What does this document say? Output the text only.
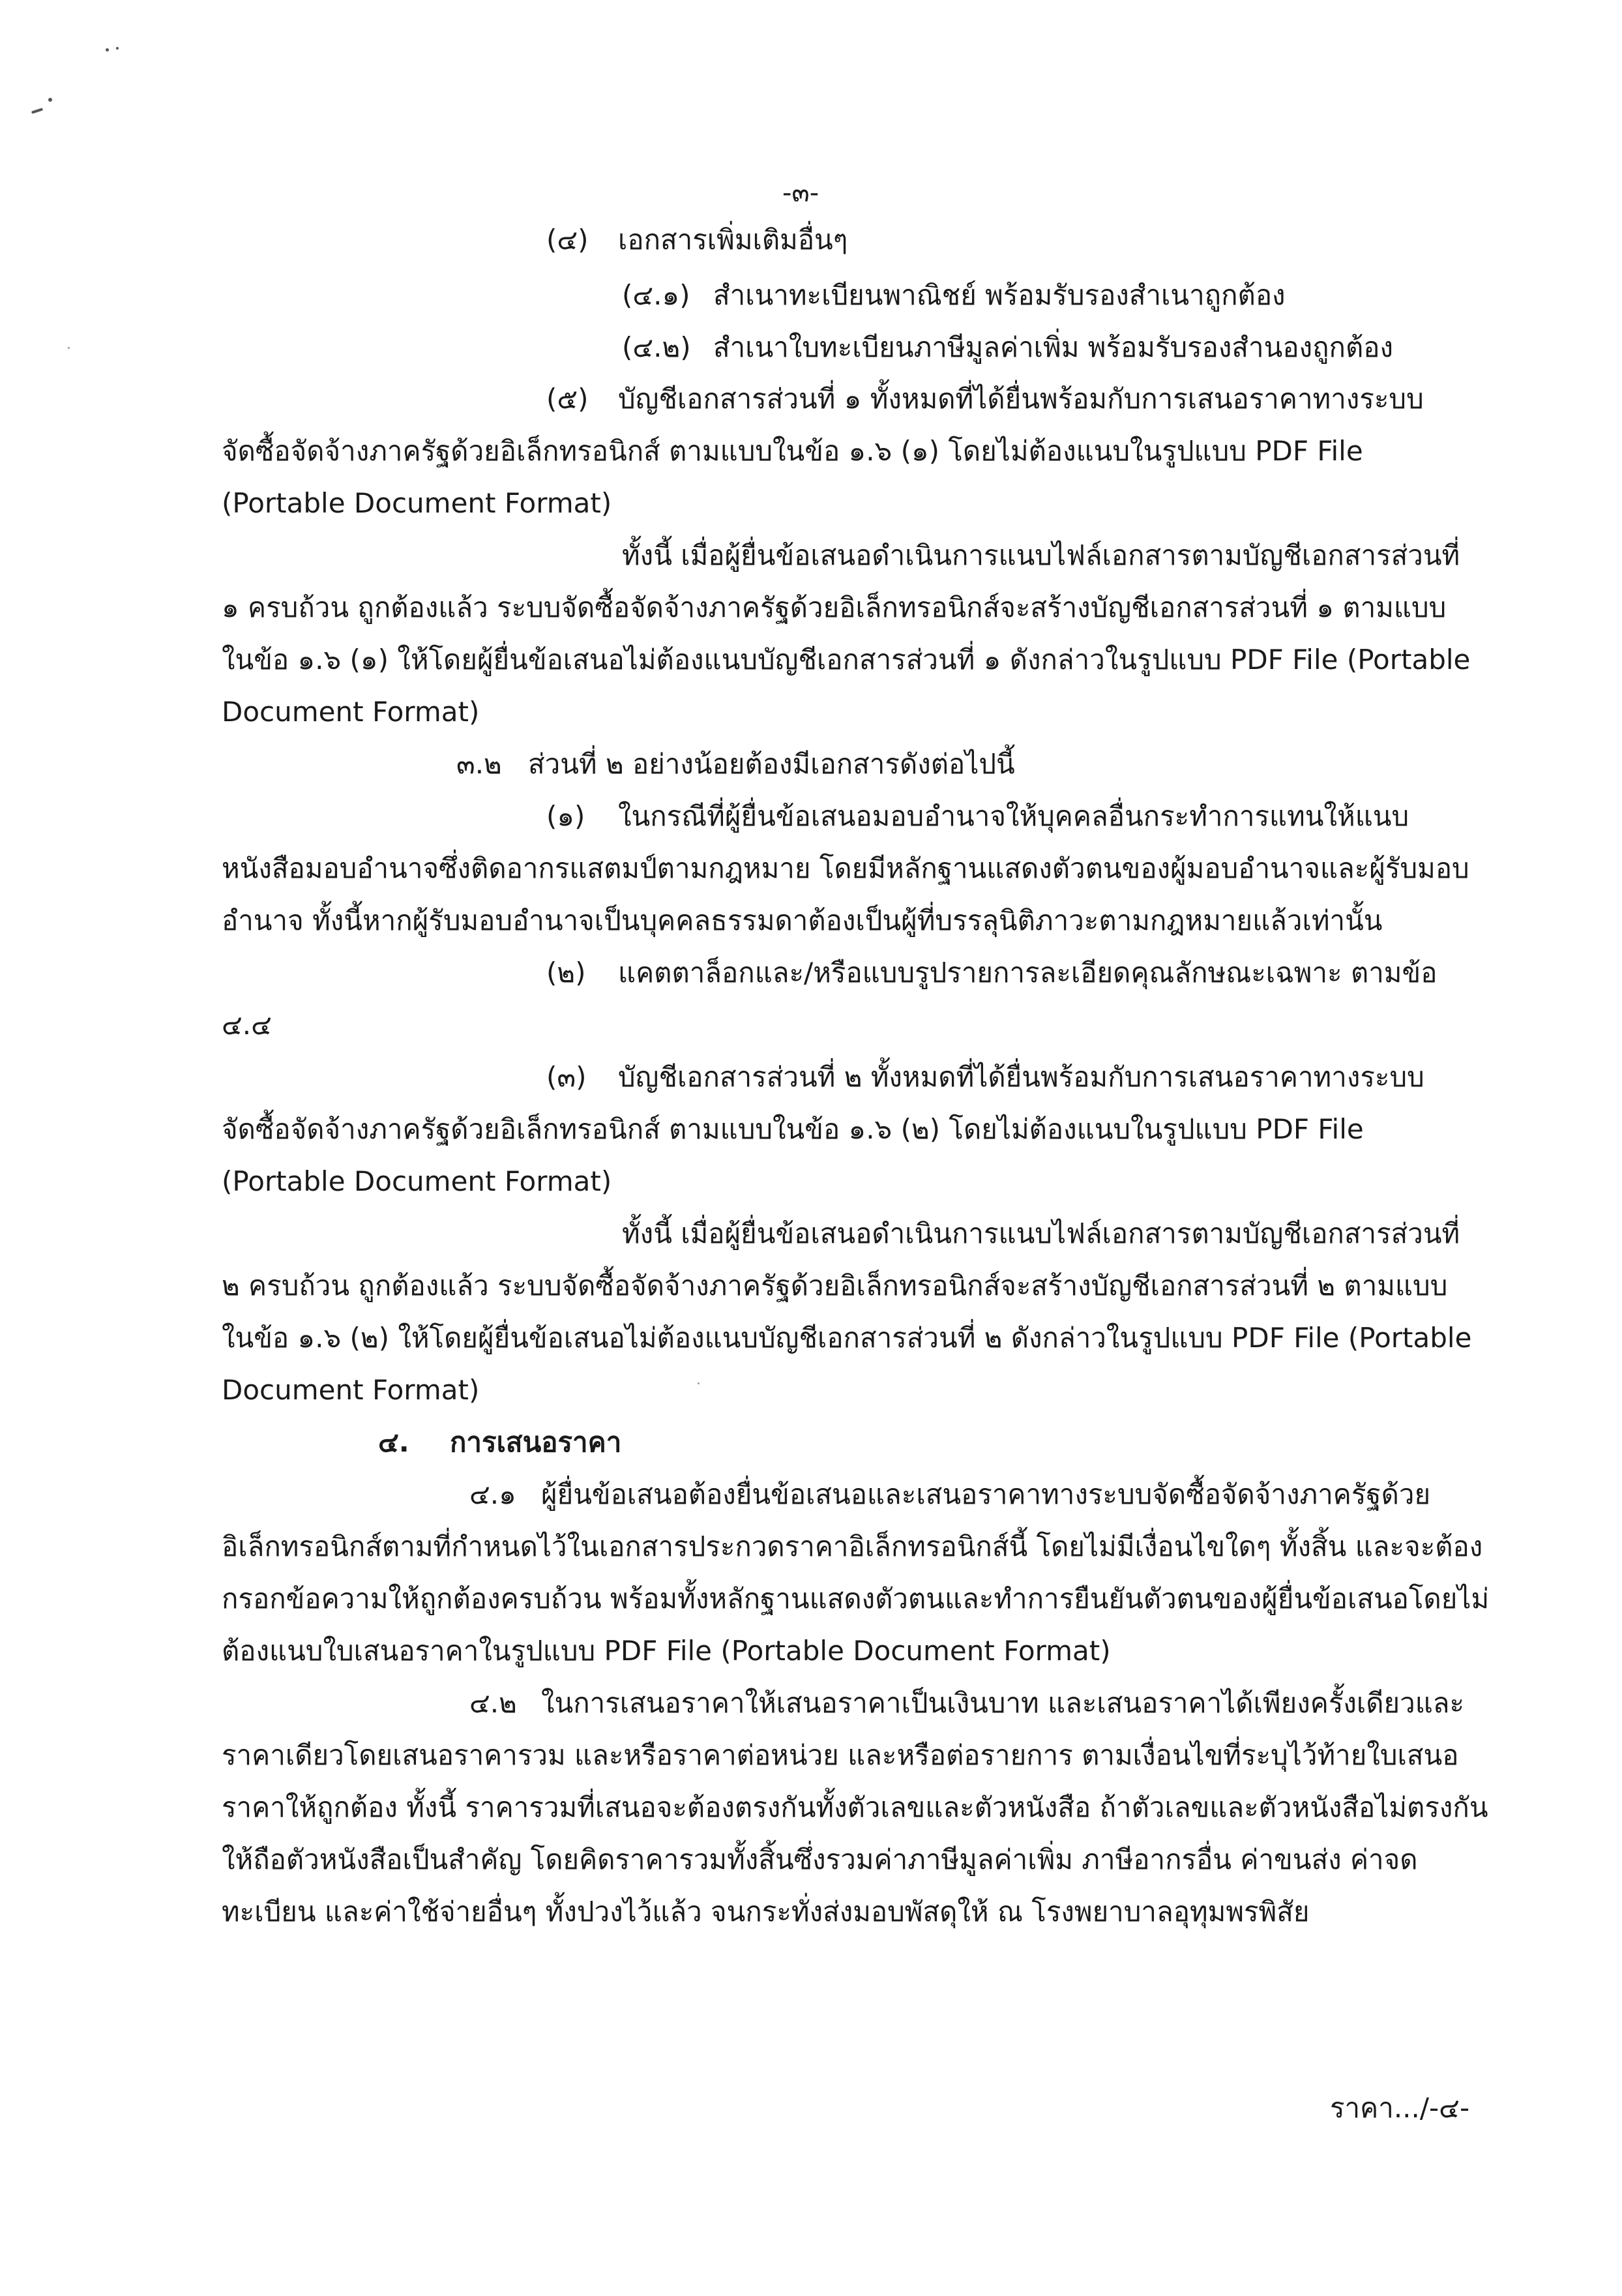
-๓-
(๔) เอกสารเพิ่มเติมอื่นๆ
(๔.๑) สำเนาทะเบียนพาณิชย์ พร้อมรับรองสำเนาถูกต้อง
(๔.๒) สำเนาใบทะเบียนภาษีมูลค่าเพิ่ม พร้อมรับรองสำนองถูกต้อง
(๕) บัญชีเอกสารส่วนที่ ๑ ทั้งหมดที่ได้ยื่นพร้อมกับการเสนอราคาทางระบบ
จัดซื้อจัดจ้างภาครัฐด้วยอิเล็กทรอนิกส์ ตามแบบในข้อ ๑.๖ (๑) โดยไม่ต้องแนบในรูปแบบ PDF File
(Portable Document Format)
ทั้งนี้ เมื่อผู้ยื่นข้อเสนอดำเนินการแนบไฟล์เอกสารตามบัญชีเอกสารส่วนที่
๑ ครบถ้วน ถูกต้องแล้ว ระบบจัดซื้อจัดจ้างภาครัฐด้วยอิเล็กทรอนิกส์จะสร้างบัญชีเอกสารส่วนที่ ๑ ตามแบบ
ในข้อ ๑.๖ (๑) ให้โดยผู้ยื่นข้อเสนอไม่ต้องแนบบัญชีเอกสารส่วนที่ ๑ ดังกล่าวในรูปแบบ PDF File (Portable
Document Format)
๓.๒ ส่วนที่ ๒ อย่างน้อยต้องมีเอกสารดังต่อไปนี้
(๑) ในกรณีที่ผู้ยื่นข้อเสนอมอบอำนาจให้บุคคลอื่นกระทำการแทนให้แนบ
หนังสือมอบอำนาจซึ่งติดอากรแสตมป์ตามกฎหมาย โดยมีหลักฐานแสดงตัวตนของผู้มอบอำนาจและผู้รับมอบ
อำนาจ ทั้งนี้หากผู้รับมอบอำนาจเป็นบุคคลธรรมดาต้องเป็นผู้ที่บรรลุนิติภาวะตามกฎหมายแล้วเท่านั้น
(๒) แคตตาล็อกและ/หรือแบบรูปรายการละเอียดคุณลักษณะเฉพาะ ตามข้อ
๔.๔
(๓) บัญชีเอกสารส่วนที่ ๒ ทั้งหมดที่ได้ยื่นพร้อมกับการเสนอราคาทางระบบ
จัดซื้อจัดจ้างภาครัฐด้วยอิเล็กทรอนิกส์ ตามแบบในข้อ ๑.๖ (๒) โดยไม่ต้องแนบในรูปแบบ PDF File
(Portable Document Format)
ทั้งนี้ เมื่อผู้ยื่นข้อเสนอดำเนินการแนบไฟล์เอกสารตามบัญชีเอกสารส่วนที่
๒ ครบถ้วน ถูกต้องแล้ว ระบบจัดซื้อจัดจ้างภาครัฐด้วยอิเล็กทรอนิกส์จะสร้างบัญชีเอกสารส่วนที่ ๒ ตามแบบ
ในข้อ ๑.๖ (๒) ให้โดยผู้ยื่นข้อเสนอไม่ต้องแนบบัญชีเอกสารส่วนที่ ๒ ดังกล่าวในรูปแบบ PDF File (Portable
Document Format)
๔. การเสนอราคา
๔.๑ ผู้ยื่นข้อเสนอต้องยื่นข้อเสนอและเสนอราคาทางระบบจัดซื้อจัดจ้างภาครัฐด้วย
อิเล็กทรอนิกส์ตามที่กำหนดไว้ในเอกสารประกวดราคาอิเล็กทรอนิกส์นี้ โดยไม่มีเงื่อนไขใดๆ ทั้งสิ้น และจะต้อง
กรอกข้อความให้ถูกต้องครบถ้วน พร้อมทั้งหลักฐานแสดงตัวตนและทำการยืนยันตัวตนของผู้ยื่นข้อเสนอโดยไม่
ต้องแนบใบเสนอราคาในรูปแบบ PDF File (Portable Document Format)
๔.๒ ในการเสนอราคาให้เสนอราคาเป็นเงินบาท และเสนอราคาได้เพียงครั้งเดียวและ
ราคาเดียวโดยเสนอราคารวม และหรือราคาต่อหน่วย และหรือต่อรายการ ตามเงื่อนไขที่ระบุไว้ท้ายใบเสนอ
ราคาให้ถูกต้อง ทั้งนี้ ราคารวมที่เสนอจะต้องตรงกันทั้งตัวเลขและตัวหนังสือ ถ้าตัวเลขและตัวหนังสือไม่ตรงกัน
ให้ถือตัวหนังสือเป็นสำคัญ โดยคิดราคารวมทั้งสิ้นซึ่งรวมค่าภาษีมูลค่าเพิ่ม ภาษีอากรอื่น ค่าขนส่ง ค่าจด
ทะเบียน และค่าใช้จ่ายอื่นๆ ทั้งปวงไว้แล้ว จนกระทั่งส่งมอบพัสดุให้ ณ โรงพยาบาลอุทุมพรพิสัย
ราคา.../-๔-
